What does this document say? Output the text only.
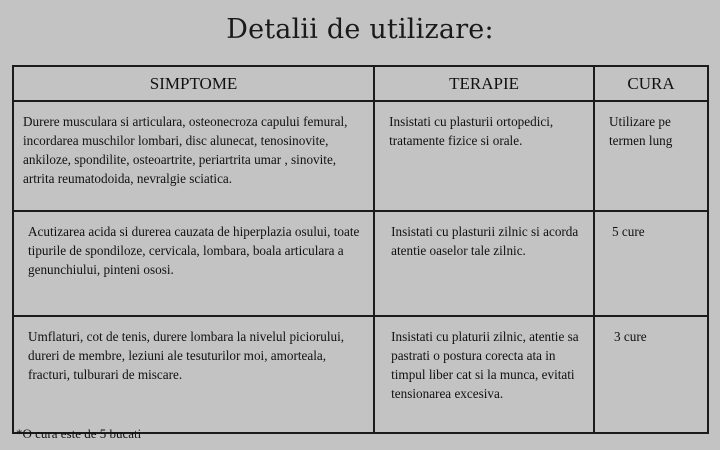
Detalii de utilizare:
SIMPTOME	TERAPIE	CURA
Durere musculara si articulara, osteonecroza capului femural, incordarea muschilor lombari, disc alunecat, tenosinovite, ankiloze, spondilite, osteoartrite, periartrita umar , sinovite, artrita reumatodoida, nevralgie sciatica.	Insistati cu plasturii ortopedici, tratamente fizice si orale.	Utilizare pe termen lung
Acutizarea acida si durerea cauzata de hiperplazia osului, toate tipurile de spondiloze, cervicala, lombara, boala articulara a genunchiului, pinteni ososi.	Insistati cu plasturii zilnic si acorda atentie oaselor tale zilnic.	5 cure
Umflaturi, cot de tenis, durere lombara la nivelul piciorului, dureri de membre, leziuni ale tesuturilor moi, amorteala, fracturi, tulburari de miscare.	Insistati cu platurii zilnic, atentie sa pastrati o postura corecta ata in timpul liber cat si la munca, evitati tensionarea excesiva.	3 cure
*O cura este de 5 bucati
